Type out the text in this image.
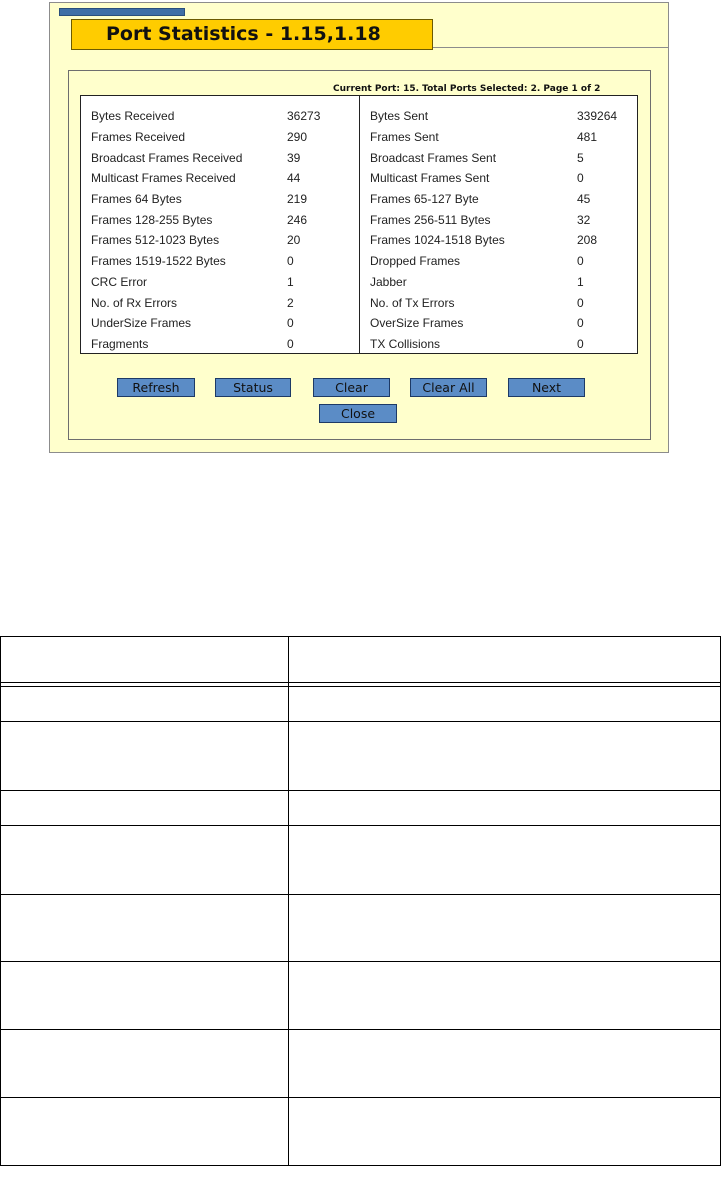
Port Statistics - 1.15,1.18
Current Port: 15. Total Ports Selected: 2. Page 1 of 2
Bytes Received	36273
Frames Received	290
Broadcast Frames Received	39
Multicast Frames Received	44
Frames 64 Bytes	219
Frames 128-255 Bytes	246
Frames 512-1023 Bytes	20
Frames 1519-1522 Bytes	0
CRC Error	1
No. of Rx Errors	2
UnderSize Frames	0
Fragments	0
Bytes Sent	339264
Frames Sent	481
Broadcast Frames Sent	5
Multicast Frames Sent	0
Frames 65-127 Byte	45
Frames 256-511 Bytes	32
Frames 1024-1518 Bytes	208
Dropped Frames	0
Jabber	1
No. of Tx Errors	0
OverSize Frames	0
TX Collisions	0
Refresh	Status	Clear	Clear All	Next
Close
